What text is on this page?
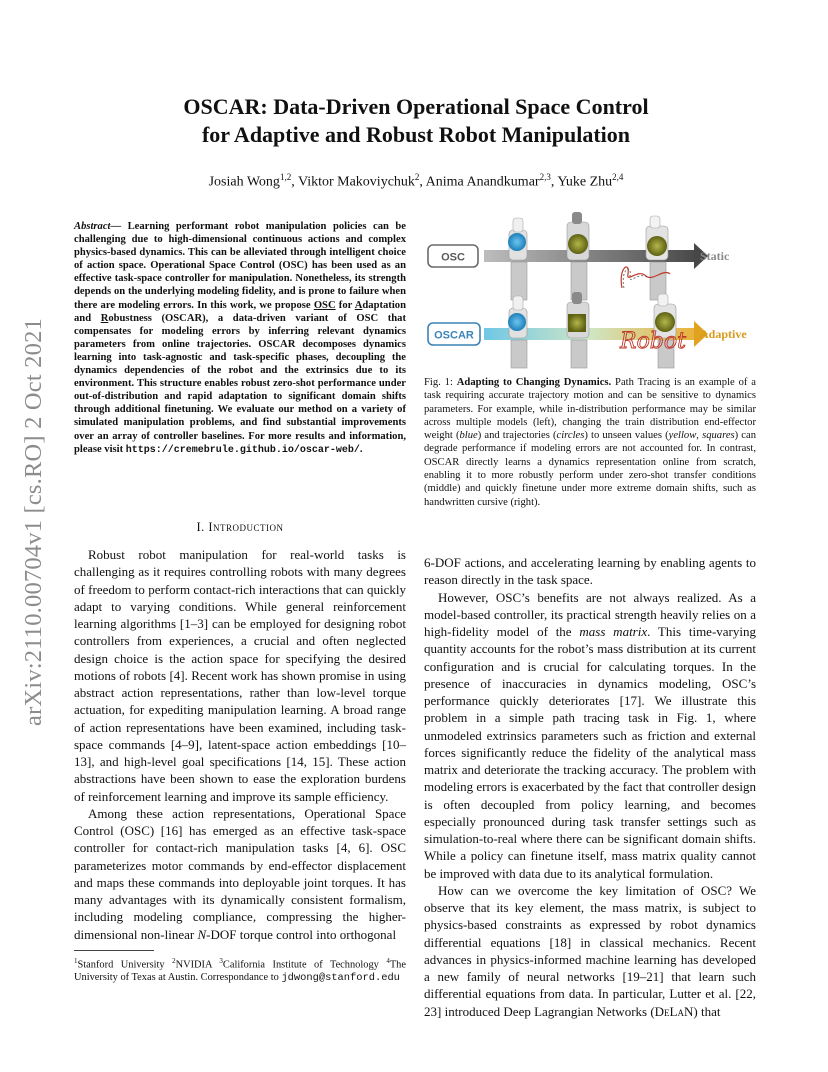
arXiv:2110.00704v1 [cs.RO] 2 Oct 2021
OSCAR: Data-Driven Operational Space Control
for Adaptive and Robust Robot Manipulation
Josiah Wong$^{1,2}$, Viktor Makoviychuk$^2$, Anima Anandkumar$^{2,3}$, Yuke Zhu$^{2,4}$
Abstract— Learning performant robot manipulation policies can be challenging due to high-dimensional continuous actions and complex physics-based dynamics. This can be alleviated through intelligent choice of action space. Operational Space Control (OSC) has been used as an effective task-space controller for manipulation. Nonetheless, its strength depends on the underlying modeling fidelity, and is prone to failure when there are modeling errors. In this work, we propose OSC for Adaptation and Robustness (OSCAR), a data-driven variant of OSC that compensates for modeling errors by inferring relevant dynamics parameters from online trajectories. OSCAR decomposes dynamics learning into task-agnostic and task-specific phases, decoupling the dynamics dependencies of the robot and the extrinsics due to its environment. This structure enables robust zero-shot performance under out-of-distribution and rapid adaptation to significant domain shifts through additional finetuning. We evaluate our method on a variety of simulated manipulation problems, and find substantial improvements over an array of controller baselines. For more results and information, please visit https://cremebrule.github.io/oscar-web/.
I. Introduction

Robust robot manipulation for real-world tasks is challenging as it requires controlling robots with many degrees of freedom to perform contact-rich interactions that can quickly adapt to varying conditions. While general reinforcement learning algorithms [1–3] can be employed for designing robot controllers from experiences, a crucial and often neglected design choice is the action space for specifying the desired motions of robots [4]. Recent work has shown promise in using abstract action representations, rather than low-level torque actuation, for expediting manipulation learning. A broad range of action representations have been examined, including task-space commands [4–9], latent-space action embeddings [10–13], and high-level goal specifications [14, 15]. These action abstractions have been shown to ease the exploration burdens of reinforcement learning and improve its sample efficiency.

Among these action representations, Operational Space Control (OSC) [16] has emerged as an effective task-space controller for contact-rich manipulation tasks [4, 6]. OSC parameterizes motor commands by end-effector displacement and maps these commands into deployable joint torques. It has many advantages with its dynamically consistent formalism, including modeling compliance, compressing the higher-dimensional non-linear N-DOF torque control into orthogonal

$^1$Stanford University $^2$NVIDIA $^3$California Institute of Technology $^4$The University of Texas at Austin. Correspondance to jdwong@stanford.edu
OSC	Static
OSCAR	Adaptive
Robot
Fig. 1: Adapting to Changing Dynamics. Path Tracing is an example of a task requiring accurate trajectory motion and can be sensitive to dynamics parameters. For example, while in-distribution performance may be similar across multiple models (left), changing the train distribution end-effector weight (blue) and trajectories (circles) to unseen values (yellow, squares) can degrade performance if modeling errors are not accounted for. In contrast, OSCAR directly learns a dynamics representation online from scratch, enabling it to more robustly perform under zero-shot transfer conditions (middle) and quickly finetune under more extreme domain shifts, such as handwritten cursive (right).

6-DOF actions, and accelerating learning by enabling agents to reason directly in the task space.

However, OSC’s benefits are not always realized. As a model-based controller, its practical strength heavily relies on a high-fidelity model of the mass matrix. This time-varying quantity accounts for the robot’s mass distribution at its current configuration and is crucial for calculating torques. In the presence of inaccuracies in dynamics modeling, OSC’s performance quickly deteriorates [17]. We illustrate this problem in a simple path tracing task in Fig. 1, where unmodeled extrinsics parameters such as friction and external forces significantly reduce the fidelity of the analytical mass matrix and deteriorate the tracking accuracy. The problem with modeling errors is exacerbated by the fact that controller design is often decoupled from policy learning, and becomes especially pronounced during task transfer settings such as simulation-to-real where there can be significant domain shifts. While a policy can finetune itself, mass matrix quality cannot be improved with data due to its analytical formulation.

How can we overcome the key limitation of OSC? We observe that its key element, the mass matrix, is subject to physics-based constraints as expressed by robot dynamics differential equations [18] in classical mechanics. Recent advances in physics-informed machine learning has developed a new family of neural networks [19–21] that learn such differential equations from data. In particular, Lutter et al. [22, 23] introduced Deep Lagrangian Networks (DeLaN) that
